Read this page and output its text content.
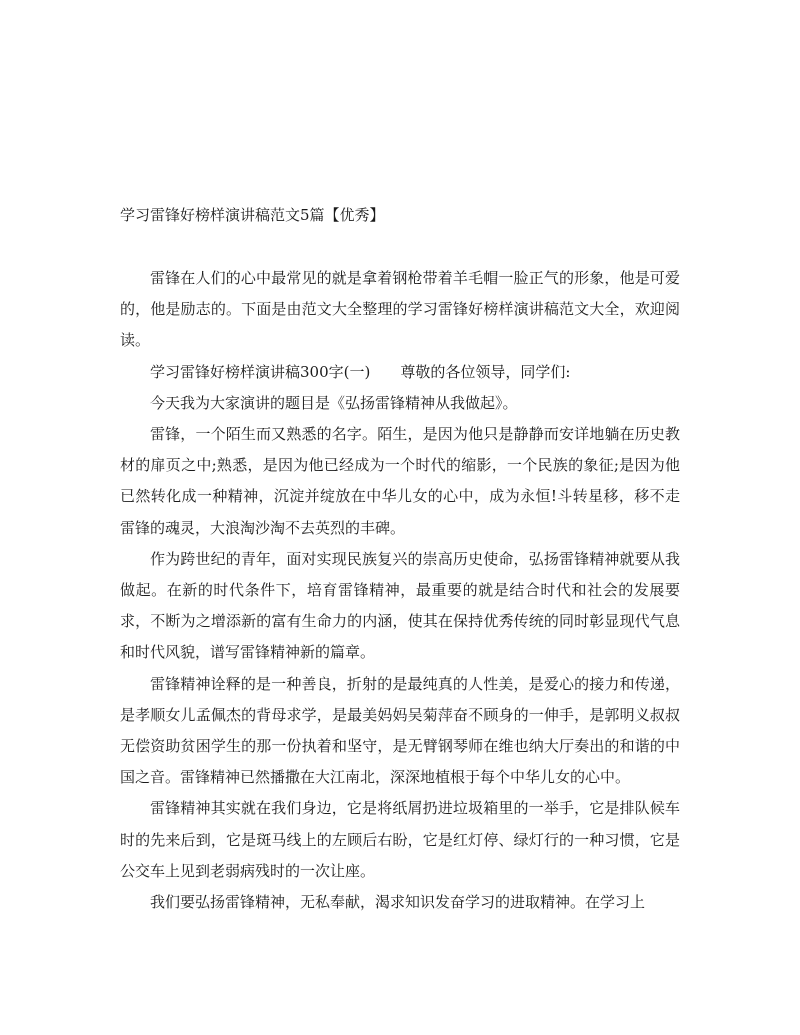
学习雷锋好榜样演讲稿范文5篇【优秀】

雷锋在人们的心中最常见的就是拿着钢枪带着羊毛帽一脸正气的形象，他是可爱的，他是励志的。下面是由范文大全整理的学习雷锋好榜样演讲稿范文大全，欢迎阅读。

学习雷锋好榜样演讲稿300字(一)　　尊敬的各位领导，同学们:

今天我为大家演讲的题目是《弘扬雷锋精神从我做起》。

雷锋，一个陌生而又熟悉的名字。陌生，是因为他只是静静而安详地躺在历史教材的扉页之中;熟悉，是因为他已经成为一个时代的缩影，一个民族的象征;是因为他已然转化成一种精神，沉淀并绽放在中华儿女的心中，成为永恒!斗转星移，移不走雷锋的魂灵，大浪淘沙淘不去英烈的丰碑。

作为跨世纪的青年，面对实现民族复兴的崇高历史使命，弘扬雷锋精神就要从我做起。在新的时代条件下，培育雷锋精神，最重要的就是结合时代和社会的发展要求，不断为之增添新的富有生命力的内涵，使其在保持优秀传统的同时彰显现代气息和时代风貌，谱写雷锋精神新的篇章。

雷锋精神诠释的是一种善良，折射的是最纯真的人性美，是爱心的接力和传递，是孝顺女儿孟佩杰的背母求学，是最美妈妈吴菊萍奋不顾身的一伸手，是郭明义叔叔无偿资助贫困学生的那一份执着和坚守，是无臂钢琴师在维也纳大厅奏出的和谐的中国之音。雷锋精神已然播撒在大江南北，深深地植根于每个中华儿女的心中。

雷锋精神其实就在我们身边，它是将纸屑扔进垃圾箱里的一举手，它是排队候车时的先来后到，它是斑马线上的左顾后右盼，它是红灯停、绿灯行的一种习惯，它是公交车上见到老弱病残时的一次让座。

我们要弘扬雷锋精神，无私奉献，渴求知识发奋学习的进取精神。在学习上
